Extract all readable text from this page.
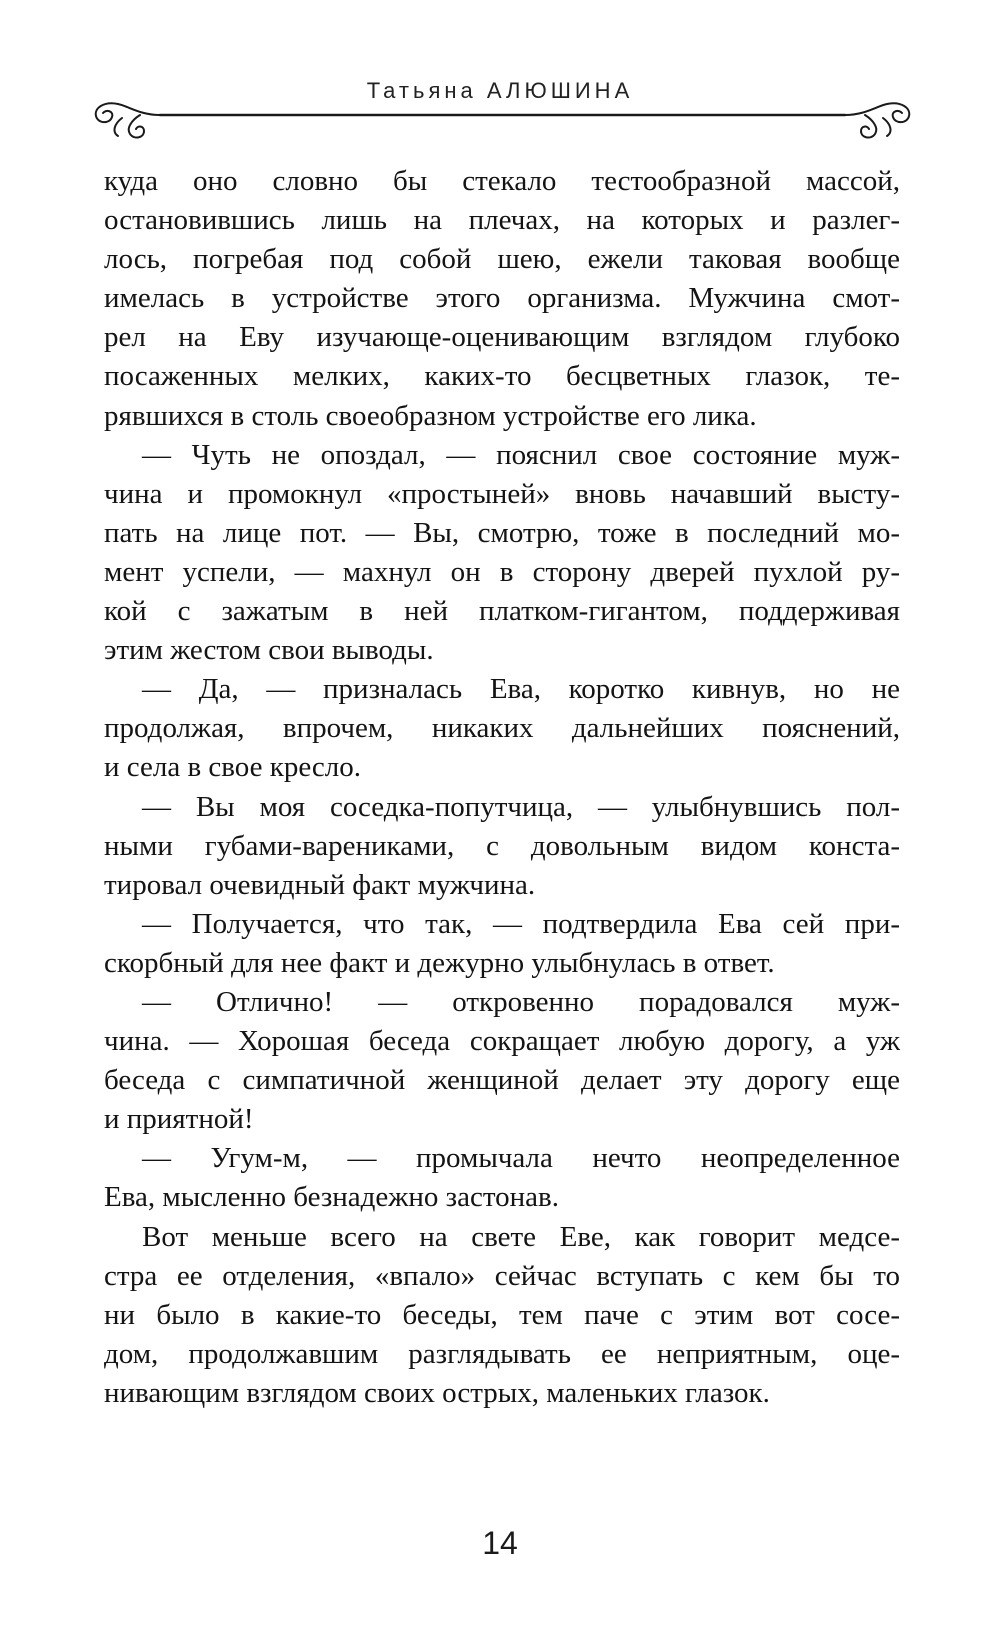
Татьяна АЛЮШИНА
куда оно словно бы стекало тестообразной массой,
остановившись лишь на плечах, на которых и разлег-
лось, погребая под собой шею, ежели таковая вообще
имелась в устройстве этого организма. Мужчина смот-
рел на Еву изучающе-оценивающим взглядом глубоко
посаженных мелких, каких-то бесцветных глазок, те-
рявшихся в столь своеобразном устройстве его лика.
— Чуть не опоздал, — пояснил свое состояние муж-
чина и промокнул «простыней» вновь начавший высту-
пать на лице пот. — Вы, смотрю, тоже в последний мо-
мент успели, — махнул он в сторону дверей пухлой ру-
кой с зажатым в ней платком-гигантом, поддерживая
этим жестом свои выводы.
— Да, — призналась Ева, коротко кивнув, но не
продолжая, впрочем, никаких дальнейших пояснений,
и села в свое кресло.
— Вы моя соседка-попутчица, — улыбнувшись пол-
ными губами-варениками, с довольным видом конста-
тировал очевидный факт мужчина.
— Получается, что так, — подтвердила Ева сей при-
скорбный для нее факт и дежурно улыбнулась в ответ.
— Отлично! — откровенно порадовался муж-
чина. — Хорошая беседа сокращает любую дорогу, а уж
беседа с симпатичной женщиной делает эту дорогу еще
и приятной!
— Угум-м, — промычала нечто неопределенное
Ева, мысленно безнадежно застонав.
Вот меньше всего на свете Еве, как говорит медсе-
стра ее отделения, «впало» сейчас вступать с кем бы то
ни было в какие-то беседы, тем паче с этим вот сосе-
дом, продолжавшим разглядывать ее неприятным, оце-
нивающим взглядом своих острых, маленьких глазок.
14
